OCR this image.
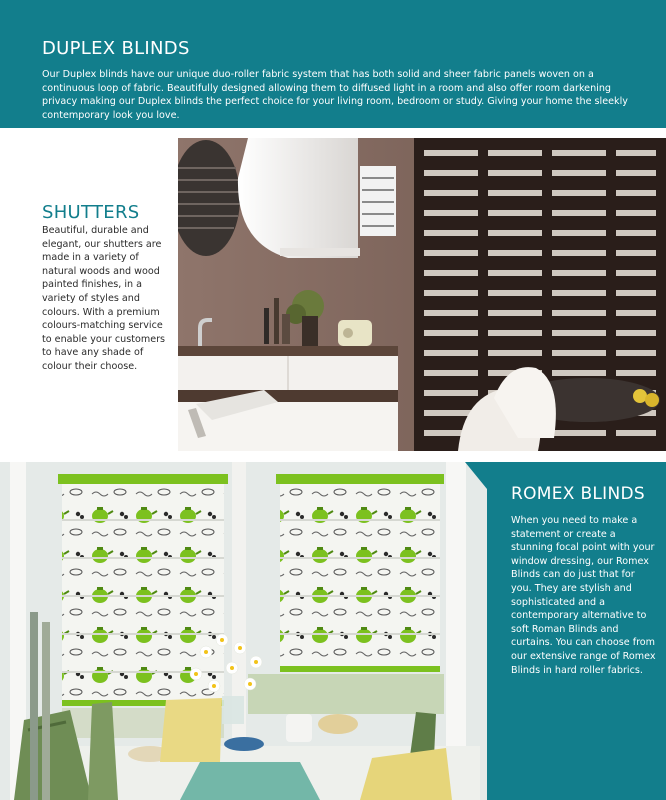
DUPLEX BLINDS

Our Duplex blinds have our unique duo-roller fabric system that has both solid and sheer fabric panels woven on a continuous loop of fabric. Beautifully designed allowing them to diffused light in a room and also offer room darkening privacy making our Duplex blinds the perfect choice for your living room, bedroom or study. Giving your home the sleekly contemporary look you love.

SHUTTERS

Beautiful, durable and elegant, our shutters are made in a variety of natural woods and wood painted finishes, in a variety of styles and colours. With a premium colours-matching service to enable your customers to have any shade of colour their choose.

ROMEX BLINDS

When you need to make a statement or create a stunning focal point with your window dressing, our Romex Blinds can do just that for you. They are stylish and sophisticated and a contemporary alternative to soft Roman Blinds and curtains. You can choose from our extensive range of Romex Blinds in hard roller fabrics.
